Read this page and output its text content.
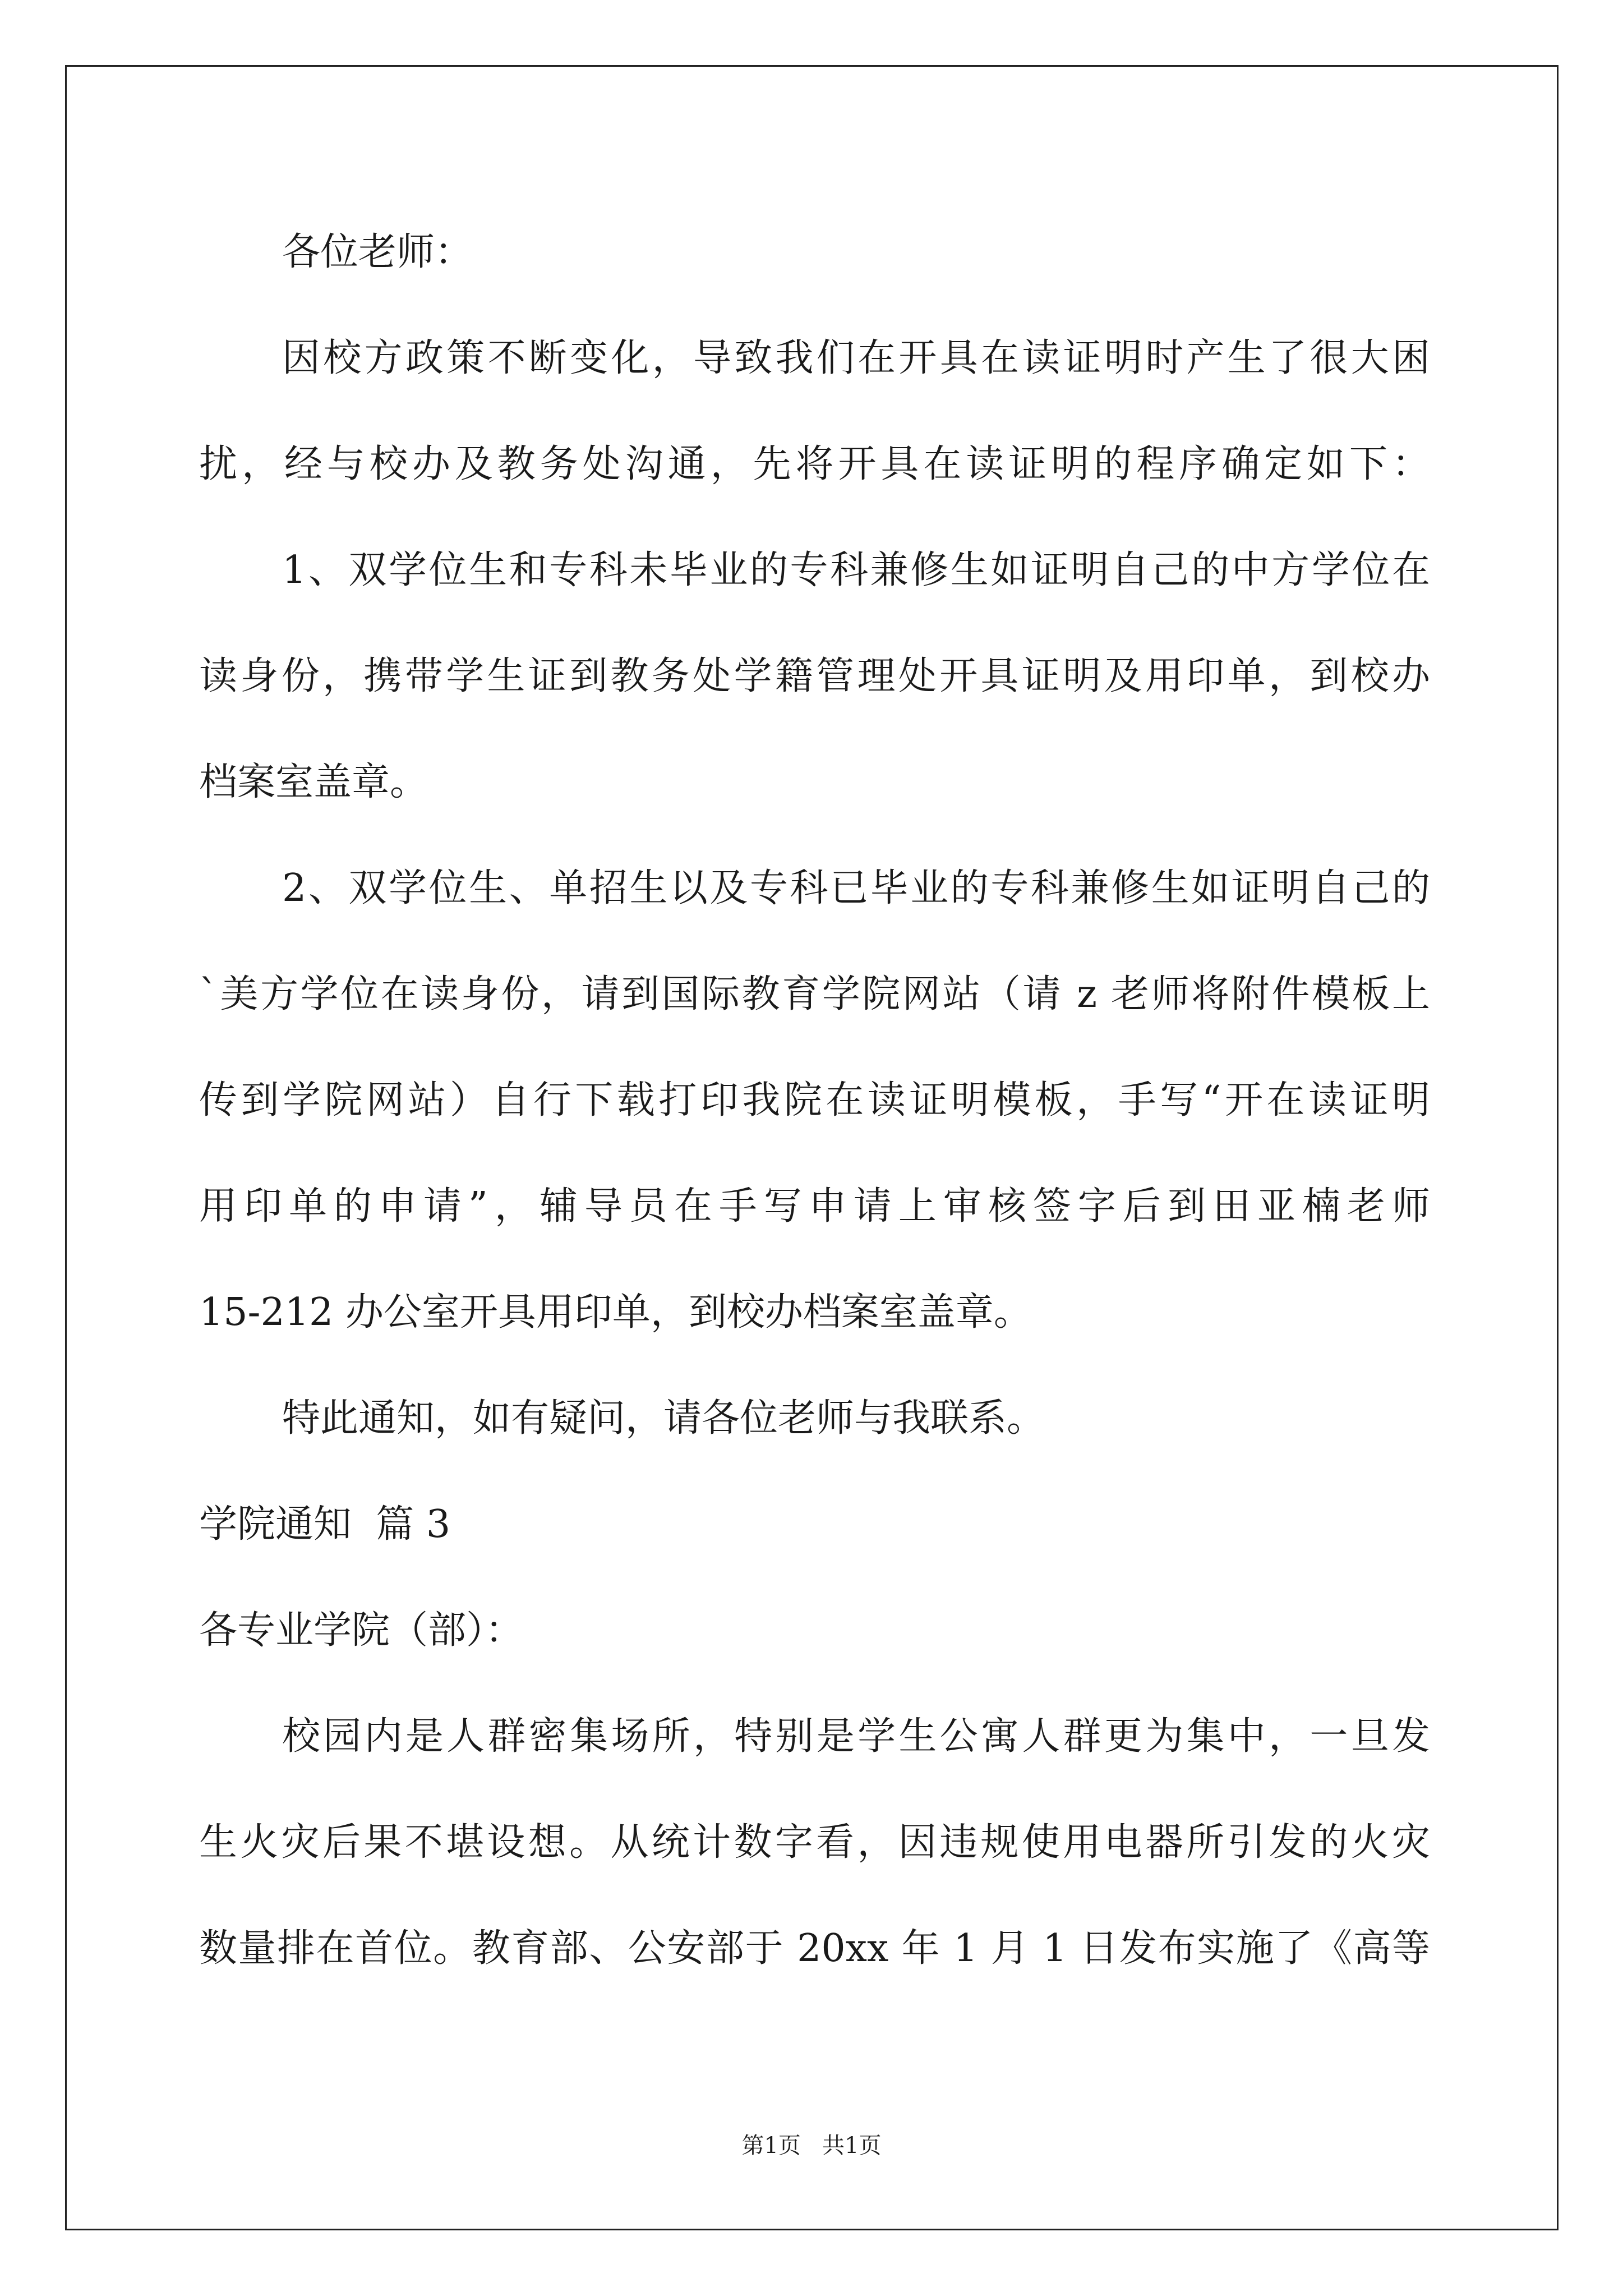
各位老师：
因校方政策不断变化，导致我们在开具在读证明时产生了很大困
扰，经与校办及教务处沟通，先将开具在读证明的程序确定如下：
1、双学位生和专科未毕业的专科兼修生如证明自己的中方学位在
读身份，携带学生证到教务处学籍管理处开具证明及用印单，到校办
档案室盖章。
2、双学位生、单招生以及专科已毕业的专科兼修生如证明自己的
`美方学位在读身份，请到国际教育学院网站（请 z 老师将附件模板上
传到学院网站）自行下载打印我院在读证明模板，手写“开在读证明
用印单的申请”，辅导员在手写申请上审核签字后到田亚楠老师
15-212 办公室开具用印单，到校办档案室盖章。
特此通知，如有疑问，请各位老师与我联系。
学院通知  篇 3
各专业学院（部）：
校园内是人群密集场所，特别是学生公寓人群更为集中，一旦发
生火灾后果不堪设想。从统计数字看，因违规使用电器所引发的火灾
数量排在首位。教育部、公安部于 20xx 年 1 月 1 日发布实施了《高等
第1页   共1页
